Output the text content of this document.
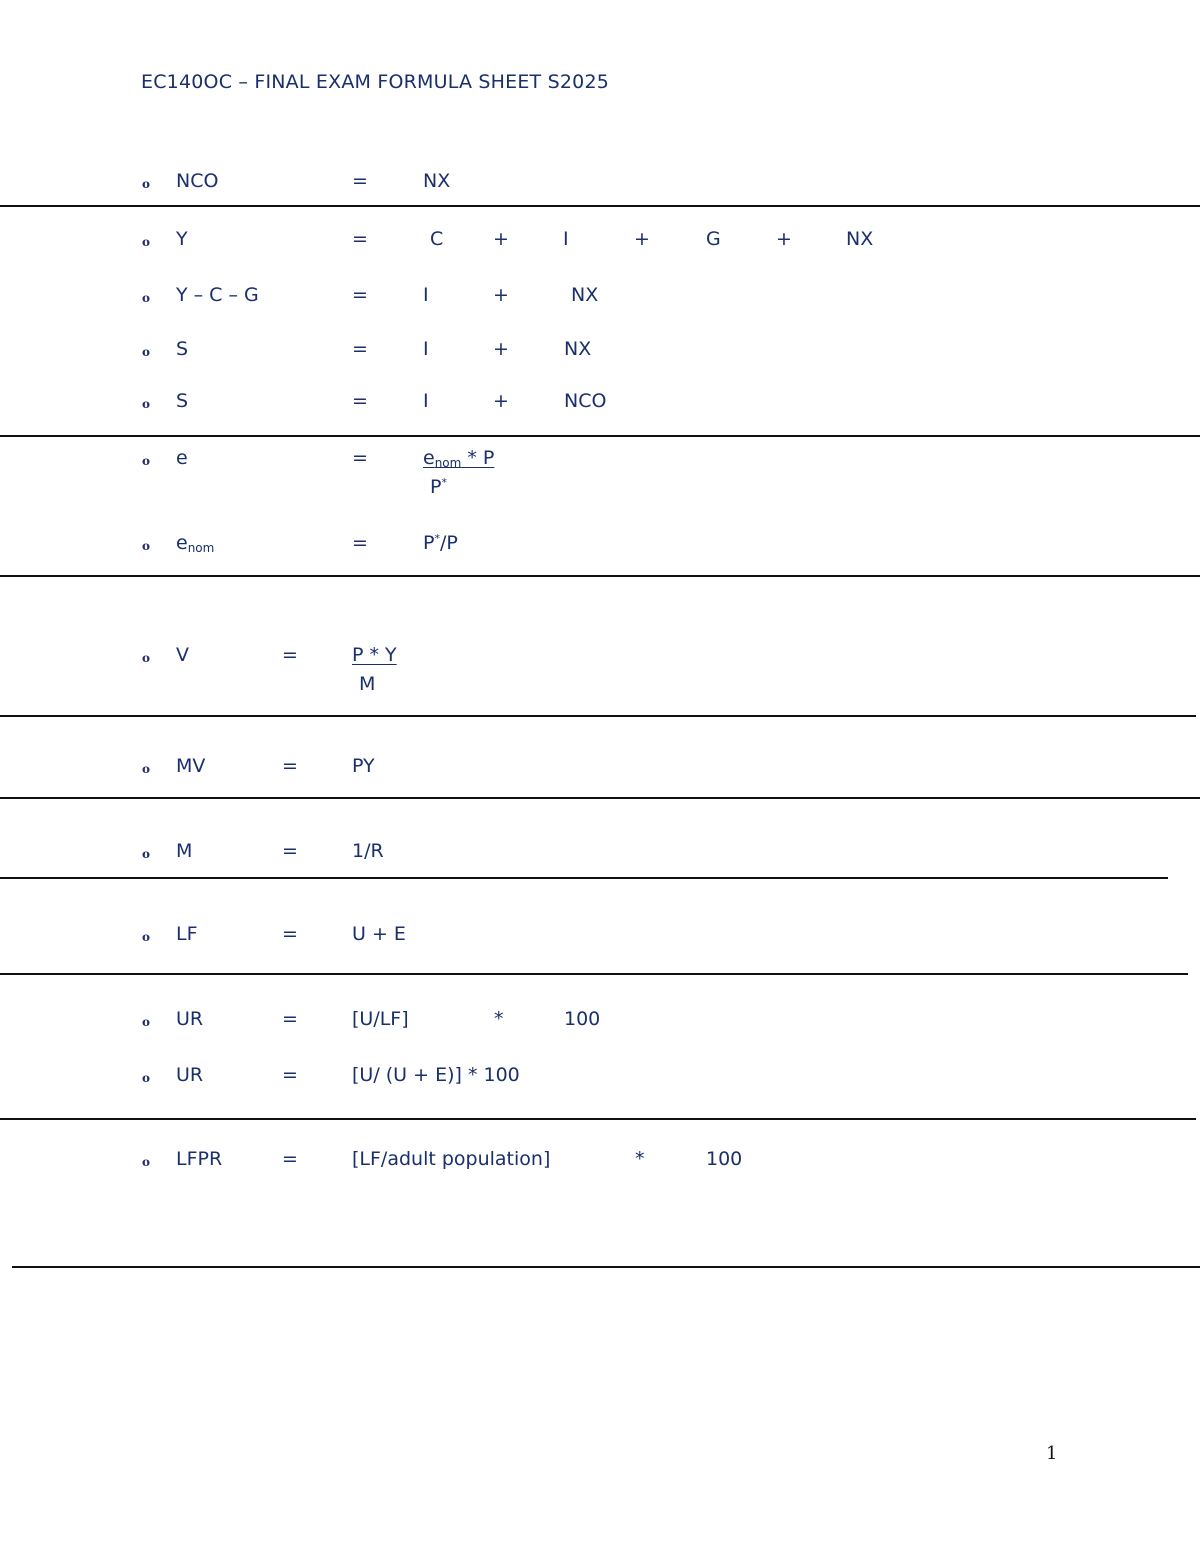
EC140OC – FINAL EXAM FORMULA SHEET S2025
o NCO	=	NX
o Y	=	C	+	I	+	G	+	NX
o Y – C – G	=	I	+	NX
o S	=	I	+	NX
o S	=	I	+	NCO
o e	=	enom * P
P*
o enom	=	P*/P
o V	=	P * Y
M
o MV	=	PY
o M	=	1/R
o LF	=	U + E
o UR	=	[U/LF]	*	100
o UR	=	[U/ (U + E)] * 100
o LFPR	=	[LF/adult population]	*	100
1
